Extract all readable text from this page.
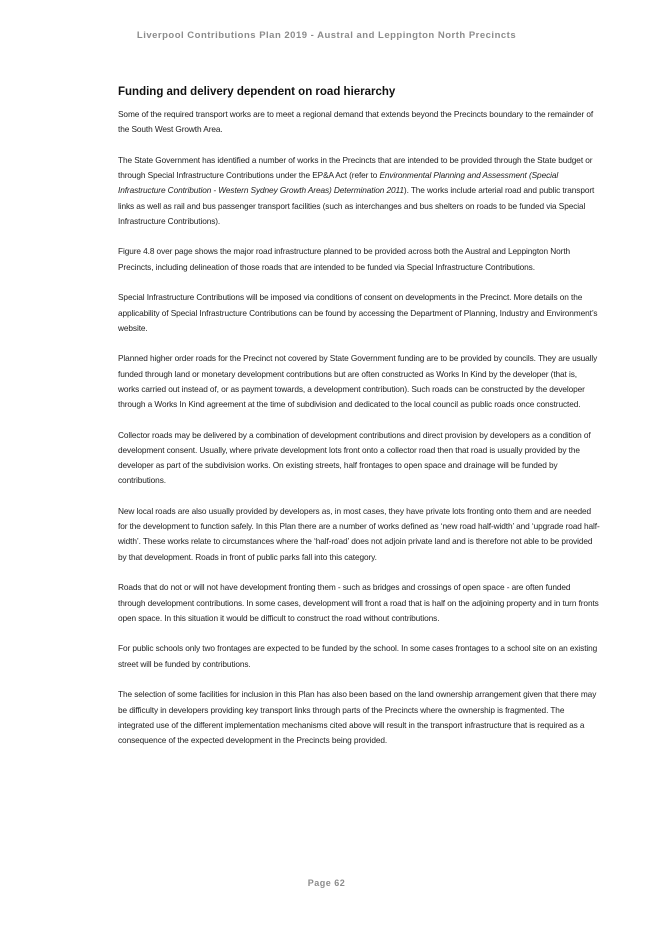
Liverpool Contributions Plan 2019 - Austral and Leppington North Precincts
Funding and delivery dependent on road hierarchy

Some of the required transport works are to meet a regional demand that extends beyond the Precincts boundary to the remainder of the South West Growth Area.

The State Government has identified a number of works in the Precincts that are intended to be provided through the State budget or through Special Infrastructure Contributions under the EP&A Act (refer to Environmental Planning and Assessment (Special Infrastructure Contribution - Western Sydney Growth Areas) Determination 2011). The works include arterial road and public transport links as well as rail and bus passenger transport facilities (such as interchanges and bus shelters on roads to be funded via Special Infrastructure Contributions).

Figure 4.8 over page shows the major road infrastructure planned to be provided across both the Austral and Leppington North Precincts, including delineation of those roads that are intended to be funded via Special Infrastructure Contributions.

Special Infrastructure Contributions will be imposed via conditions of consent on developments in the Precinct. More details on the applicability of Special Infrastructure Contributions can be found by accessing the Department of Planning, Industry and Environment’s website.

Planned higher order roads for the Precinct not covered by State Government funding are to be provided by councils. They are usually funded through land or monetary development contributions but are often constructed as Works In Kind by the developer (that is, works carried out instead of, or as payment towards, a development contribution). Such roads can be constructed by the developer through a Works In Kind agreement at the time of subdivision and dedicated to the local council as public roads once constructed.

Collector roads may be delivered by a combination of development contributions and direct provision by developers as a condition of development consent. Usually, where private development lots front onto a collector road then that road is usually provided by the developer as part of the subdivision works. On existing streets, half frontages to open space and drainage will be funded by contributions.

New local roads are also usually provided by developers as, in most cases, they have private lots fronting onto them and are needed for the development to function safely. In this Plan there are a number of works defined as ‘new road half-width’ and ‘upgrade road half-width’. These works relate to circumstances where the ‘half-road’ does not adjoin private land and is therefore not able to be provided by that development. Roads in front of public parks fall into this category.

Roads that do not or will not have development fronting them - such as bridges and crossings of open space - are often funded through development contributions. In some cases, development will front a road that is half on the adjoining property and in turn fronts open space. In this situation it would be difficult to construct the road without contributions.

For public schools only two frontages are expected to be funded by the school. In some cases frontages to a school site on an existing street will be funded by contributions.

The selection of some facilities for inclusion in this Plan has also been based on the land ownership arrangement given that there may be difficulty in developers providing key transport links through parts of the Precincts where the ownership is fragmented. The integrated use of the different implementation mechanisms cited above will result in the transport infrastructure that is required as a consequence of the expected development in the Precincts being provided.

Page 62
